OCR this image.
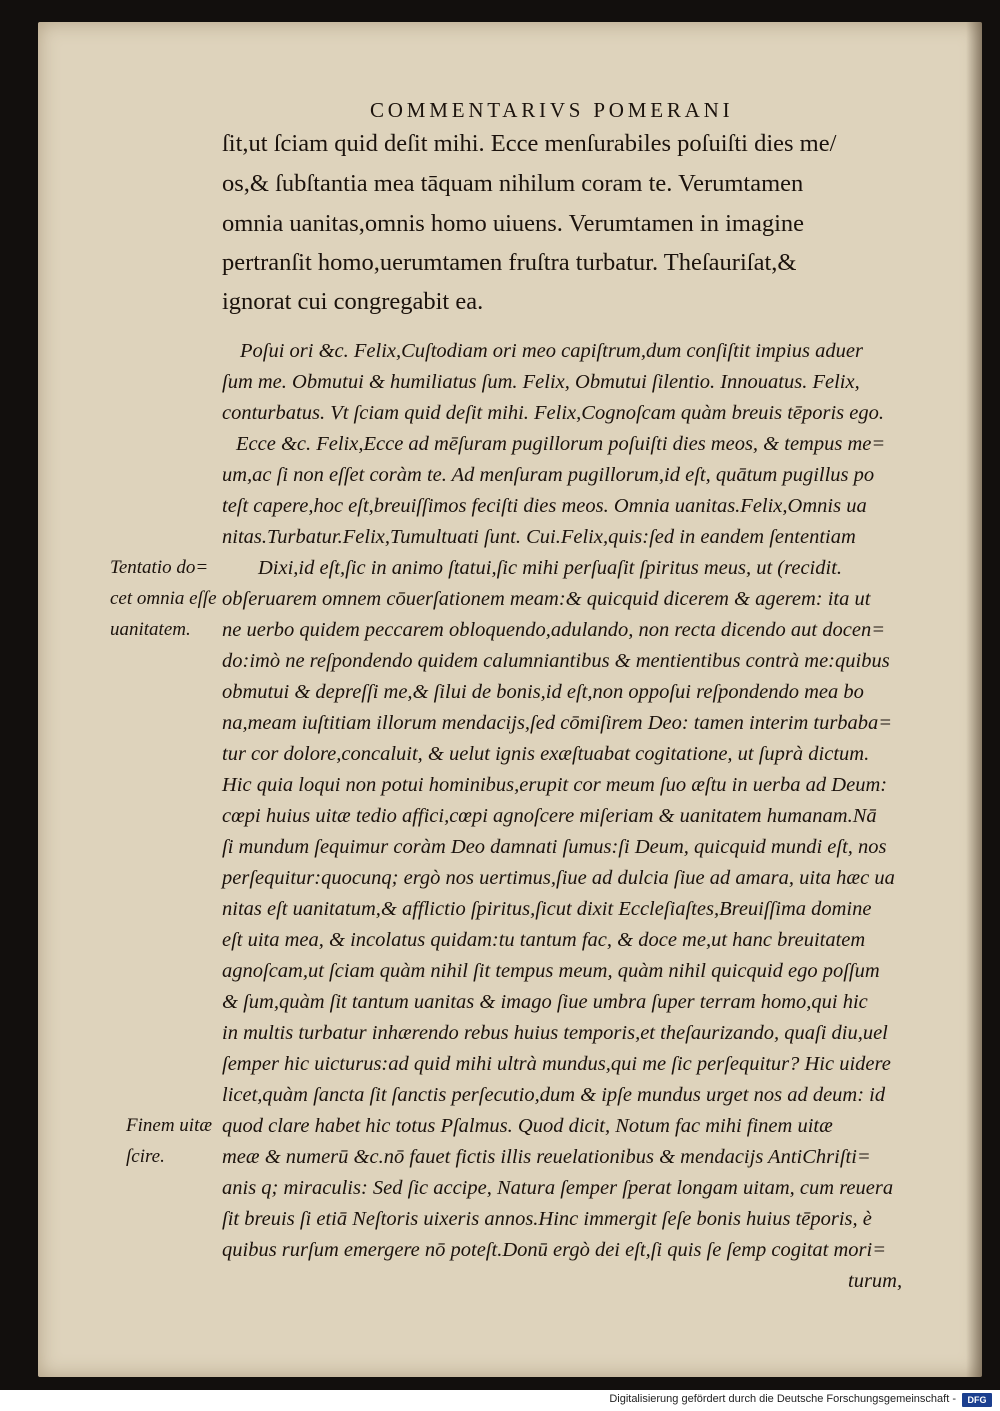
COMMENTARIVS POMERANI
ſit,ut ſciam quid deſit mihi. Ecce menſurabiles poſuiſti dies me/
os,& ſubſtantia mea tāquam nihilum coram te. Verumtamen
omnia uanitas,omnis homo uiuens. Verumtamen in imagine
pertranſit homo,uerumtamen fruſtra turbatur. Theſauriſat,&
ignorat cui congregabit ea.
Poſui ori &c. Felix,Cuſtodiam ori meo capiſtrum,dum conſiſtit impius aduer
ſum me. Obmutui & humiliatus ſum. Felix, Obmutui ſilentio. Innouatus. Felix,
conturbatus. Vt ſciam quid deſit mihi. Felix,Cognoſcam quàm breuis tēporis ego.
Ecce &c. Felix,Ecce ad mēſuram pugillorum poſuiſti dies meos, & tempus me=
um,ac ſi non eſſet coràm te. Ad menſuram pugillorum,id eſt, quātum pugillus po
teſt capere,hoc eſt,breuiſſimos feciſti dies meos. Omnia uanitas.Felix,Omnis ua
nitas.Turbatur.Felix,Tumultuati ſunt. Cui.Felix,quis:ſed in eandem ſententiam
Dixi,id eſt,ſic in animo ſtatui,ſic mihi perſuaſit ſpiritus meus, ut (recidit.
obſeruarem omnem cōuerſationem meam:& quicquid dicerem & agerem: ita ut
ne uerbo quidem peccarem obloquendo,adulando, non recta dicendo aut docen=
do:imò ne reſpondendo quidem calumniantibus & mentientibus contrà me:quibus
obmutui & depreſſi me,& ſilui de bonis,id eſt,non oppoſui reſpondendo mea bo
na,meam iuſtitiam illorum mendacijs,ſed cōmiſirem Deo: tamen interim turbaba=
tur cor dolore,concaluit, & uelut ignis exæſtuabat cogitatione, ut ſuprà dictum.
Hic quia loqui non potui hominibus,erupit cor meum ſuo æſtu in uerba ad Deum:
cœpi huius uitæ tedio affici,cœpi agnoſcere miſeriam & uanitatem humanam.Nā
ſi mundum ſequimur coràm Deo damnati ſumus:ſi Deum, quicquid mundi eſt, nos
perſequitur:quocunq; ergò nos uertimus,ſiue ad dulcia ſiue ad amara, uita hæc ua
nitas eſt uanitatum,& afflictio ſpiritus,ſicut dixit Eccleſiaſtes,Breuiſſima domine
eſt uita mea, & incolatus quidam:tu tantum fac, & doce me,ut hanc breuitatem
agnoſcam,ut ſciam quàm nihil ſit tempus meum, quàm nihil quicquid ego poſſum
& ſum,quàm ſit tantum uanitas & imago ſiue umbra ſuper terram homo,qui hic
in multis turbatur inhærendo rebus huius temporis,et theſaurizando, quaſi diu,uel
ſemper hic uicturus:ad quid mihi ultrà mundus,qui me ſic perſequitur? Hic uidere
licet,quàm ſancta ſit ſanctis perſecutio,dum & ipſe mundus urget nos ad deum: id
quod clare habet hic totus Pſalmus. Quod dicit, Notum fac mihi finem uitæ
meæ & numerū &c.nō fauet fictis illis reuelationibus & mendacijs AntiChriſti=
anis q; miraculis: Sed ſic accipe, Natura ſemper ſperat longam uitam, cum reuera
ſit breuis ſi etiā Neſtoris uixeris annos.Hinc immergit ſeſe bonis huius tēporis, è
quibus rurſum emergere nō poteſt.Donū ergò dei eſt,ſi quis ſe ſemp cogitat mori=
turum,
Tentatio do=
cet omnia eſſe
uanitatem.
Finem uitæ
ſcire.
Digitalisierung gefördert durch die Deutsche Forschungsgemeinschaft -	DFG
